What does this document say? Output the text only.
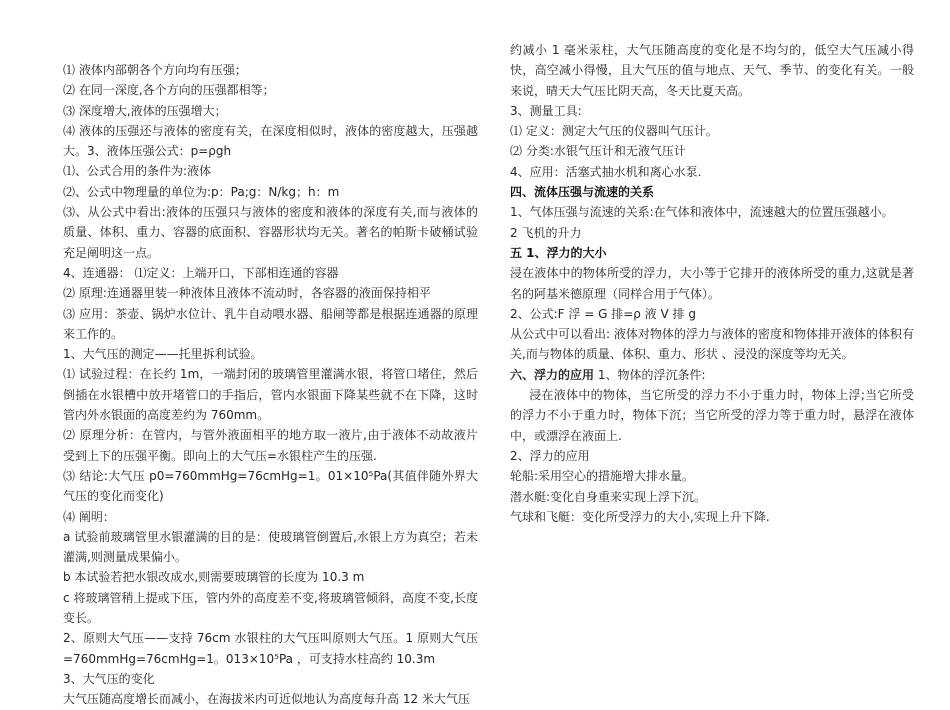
⑴ 液体内部朝各个方向均有压强；

⑵ 在同一深度,各个方向的压强都相等；

⑶ 深度增大,液体的压强增大；

⑷ 液体的压强还与液体的密度有关，在深度相似时，液体的密度越大，压强越大。3、液体压强公式：p=ρgh

⑴、公式合用的条件为:液体

⑵、公式中物理量的单位为:p：Pa;g：N/kg；h：m

⑶、从公式中看出:液体的压强只与液体的密度和液体的深度有关,而与液体的质量、体积、重力、容器的底面积、容器形状均无关。著名的帕斯卡破桶试验充足阐明这一点。

4、连通器： ⑴定义：上端开口，下部相连通的容器

⑵ 原理:连通器里装一种液体且液体不流动时，各容器的液面保持相平

⑶ 应用：茶壶、锅炉水位计、乳牛自动喂水器、船闸等都是根据连通器的原理来工作的。

1、大气压的测定——托里拆利试验。

⑴ 试验过程：在长约 1m，一端封闭的玻璃管里灌满水银，将管口堵住，然后倒插在水银槽中放开堵管口的手指后，管内水银面下降某些就不在下降，这时管内外水银面的高度差约为 760mm。

⑵ 原理分析：在管内，与管外液面相平的地方取一液片,由于液体不动故液片受到上下的压强平衡。即向上的大气压=水银柱产生的压强.

⑶ 结论:大气压 p0=760mmHg=76cmHg=1。01×10⁵Pa(其值伴随外界大气压的变化而变化)

⑷ 阐明：

a 试验前玻璃管里水银灌满的目的是：使玻璃管倒置后,水银上方为真空；若未灌满,则测量成果偏小。

b 本试验若把水银改成水,则需要玻璃管的长度为 10.3 m

c 将玻璃管稍上提或下压，管内外的高度差不变,将玻璃管倾斜，高度不变,长度变长。

2、原则大气压——支持 76cm 水银柱的大气压叫原则大气压。1 原则大气压=760mmHg=76cmHg=1。013×10⁵Pa ，可支持水柱高约 10.3m

3、大气压的变化

大气压随高度增长而减小，在海拔米内可近似地认为高度每升高 12 米大气压

约减小 1 毫米汞柱，大气压随高度的变化是不均匀的，低空大气压减小得快，高空减小得慢，且大气压的值与地点、天气、季节、的变化有关。一般来说，晴天大气压比阴天高，冬天比夏天高。

3、测量工具:

⑴ 定义：测定大气压的仪器叫气压计。

⑵ 分类:水银气压计和无液气压计

4、应用：活塞式抽水机和离心水泵.

四、流体压强与流速的关系

1、气体压强与流速的关系:在气体和液体中，流速越大的位置压强越小。

2 飞机的升力

五 1、浮力的大小

浸在液体中的物体所受的浮力，大小等于它排开的液体所受的重力,这就是著名的阿基米德原理（同样合用于气体）。

2、公式:F 浮 = G 排=ρ 液 V 排 g

从公式中可以看出: 液体对物体的浮力与液体的密度和物体排开液体的体积有关,而与物体的质量、体积、重力、形状 、浸没的深度等均无关。

六、浮力的应用 1、物体的浮沉条件:

浸在液体中的物体，当它所受的浮力不小于重力时，物体上浮;当它所受的浮力不小于重力时，物体下沉；当它所受的浮力等于重力时，悬浮在液体中，或漂浮在液面上.

2、浮力的应用

轮船:采用空心的措施增大排水量。

潜水艇:变化自身重来实现上浮下沉。

气球和飞艇：变化所受浮力的大小,实现上升下降.
